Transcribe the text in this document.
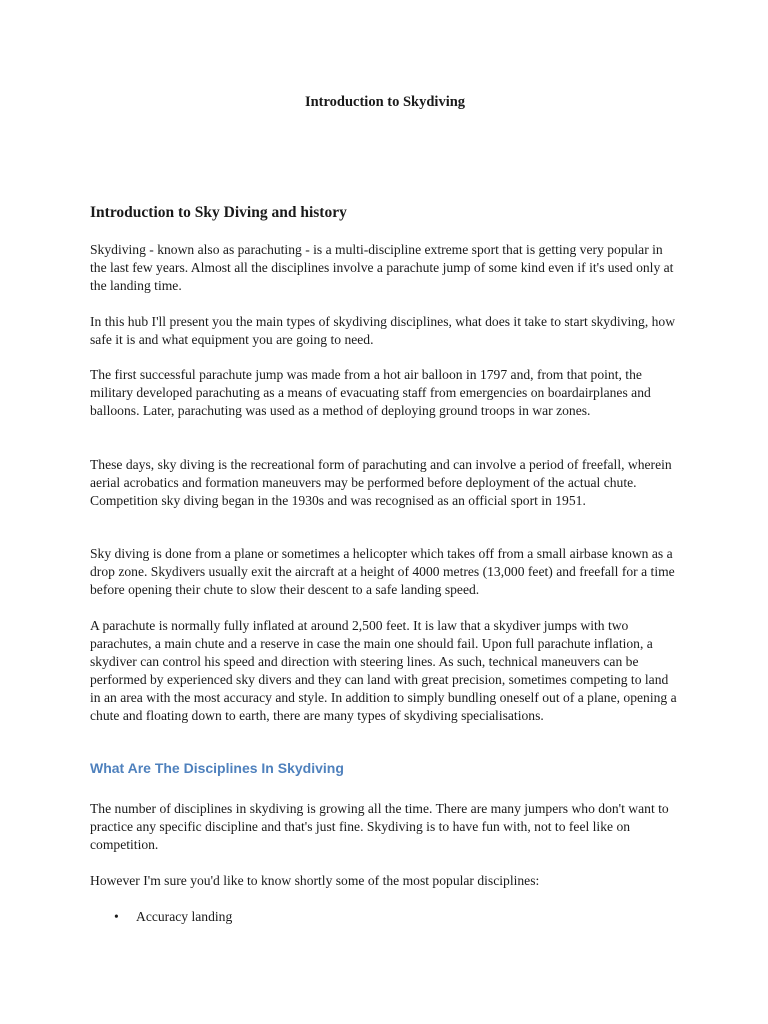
Introduction to Skydiving
Introduction to Sky Diving and history

Skydiving - known also as parachuting - is a multi-discipline extreme sport that is getting very popular in the last few years. Almost all the disciplines involve a parachute jump of some kind even if it's used only at the landing time.

In this hub I'll present you the main types of skydiving disciplines, what does it take to start skydiving, how safe it is and what equipment you are going to need.

The first successful parachute jump was made from a hot air balloon in 1797 and, from that point, the military developed parachuting as a means of evacuating staff from emergencies on boardairplanes and balloons. Later, parachuting was used as a method of deploying ground troops in war zones.

These days, sky diving is the recreational form of parachuting and can involve a period of freefall, wherein aerial acrobatics and formation maneuvers may be performed before deployment of the actual chute. Competition sky diving began in the 1930s and was recognised as an official sport in 1951.

Sky diving is done from a plane or sometimes a helicopter which takes off from a small airbase known as a drop zone. Skydivers usually exit the aircraft at a height of 4000 metres (13,000 feet) and freefall for a time before opening their chute to slow their descent to a safe landing speed.

A parachute is normally fully inflated at around 2,500 feet. It is law that a skydiver jumps with two parachutes, a main chute and a reserve in case the main one should fail. Upon full parachute inflation, a skydiver can control his speed and direction with steering lines. As such, technical maneuvers can be performed by experienced sky divers and they can land with great precision, sometimes competing to land in an area with the most accuracy and style. In addition to simply bundling oneself out of a plane, opening a chute and floating down to earth, there are many types of skydiving specialisations.

What Are The Disciplines In Skydiving

The number of disciplines in skydiving is growing all the time. There are many jumpers who don't want to practice any specific discipline and that's just fine. Skydiving is to have fun with, not to feel like on competition.

However I'm sure you'd like to know shortly some of the most popular disciplines:

• Accuracy landing
